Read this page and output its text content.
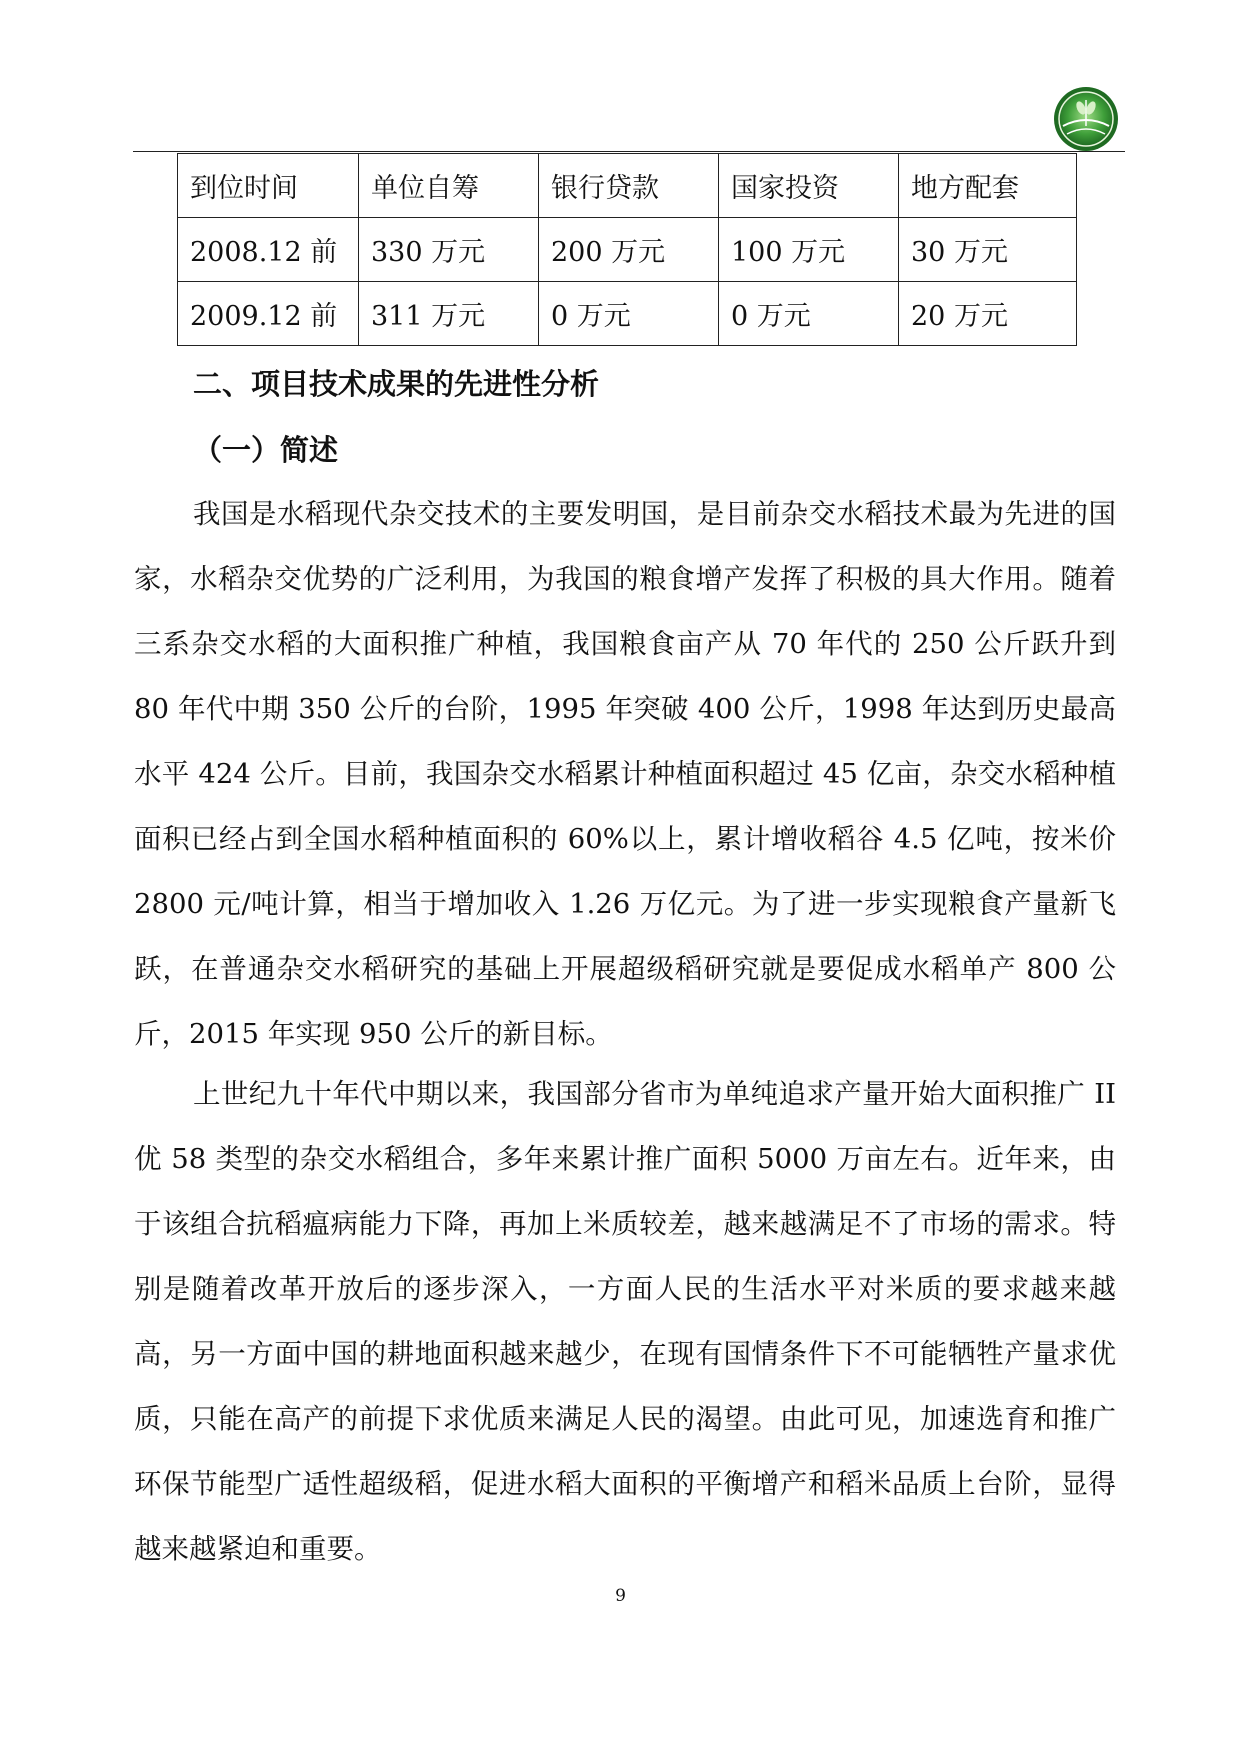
到位时间	单位自筹	银行贷款	国家投资	地方配套
2008.12 前	330 万元	200 万元	100 万元	30 万元
2009.12 前	311 万元	0 万元	0 万元	20 万元
二、项目技术成果的先进性分析
（一）简述

我国是水稻现代杂交技术的主要发明国，是目前杂交水稻技术最为先进的国家，水稻杂交优势的广泛利用，为我国的粮食增产发挥了积极的具大作用。随着三系杂交水稻的大面积推广种植，我国粮食亩产从 70 年代的 250 公斤跃升到 80 年代中期 350 公斤的台阶，1995 年突破 400 公斤，1998 年达到历史最高水平 424 公斤。目前，我国杂交水稻累计种植面积超过 45 亿亩，杂交水稻种植面积已经占到全国水稻种植面积的 60%以上，累计增收稻谷 4.5 亿吨，按米价 2800 元/吨计算，相当于增加收入 1.26 万亿元。为了进一步实现粮食产量新飞跃，在普通杂交水稻研究的基础上开展超级稻研究就是要促成水稻单产 800 公斤，2015 年实现 950 公斤的新目标。

上世纪九十年代中期以来，我国部分省市为单纯追求产量开始大面积推广 II 优 58 类型的杂交水稻组合，多年来累计推广面积 5000 万亩左右。近年来，由于该组合抗稻瘟病能力下降，再加上米质较差，越来越满足不了市场的需求。特别是随着改革开放后的逐步深入，一方面人民的生活水平对米质的要求越来越高，另一方面中国的耕地面积越来越少，在现有国情条件下不可能牺牲产量求优质，只能在高产的前提下求优质来满足人民的渴望。由此可见，加速选育和推广环保节能型广适性超级稻，促进水稻大面积的平衡增产和稻米品质上台阶，显得越来越紧迫和重要。

9
